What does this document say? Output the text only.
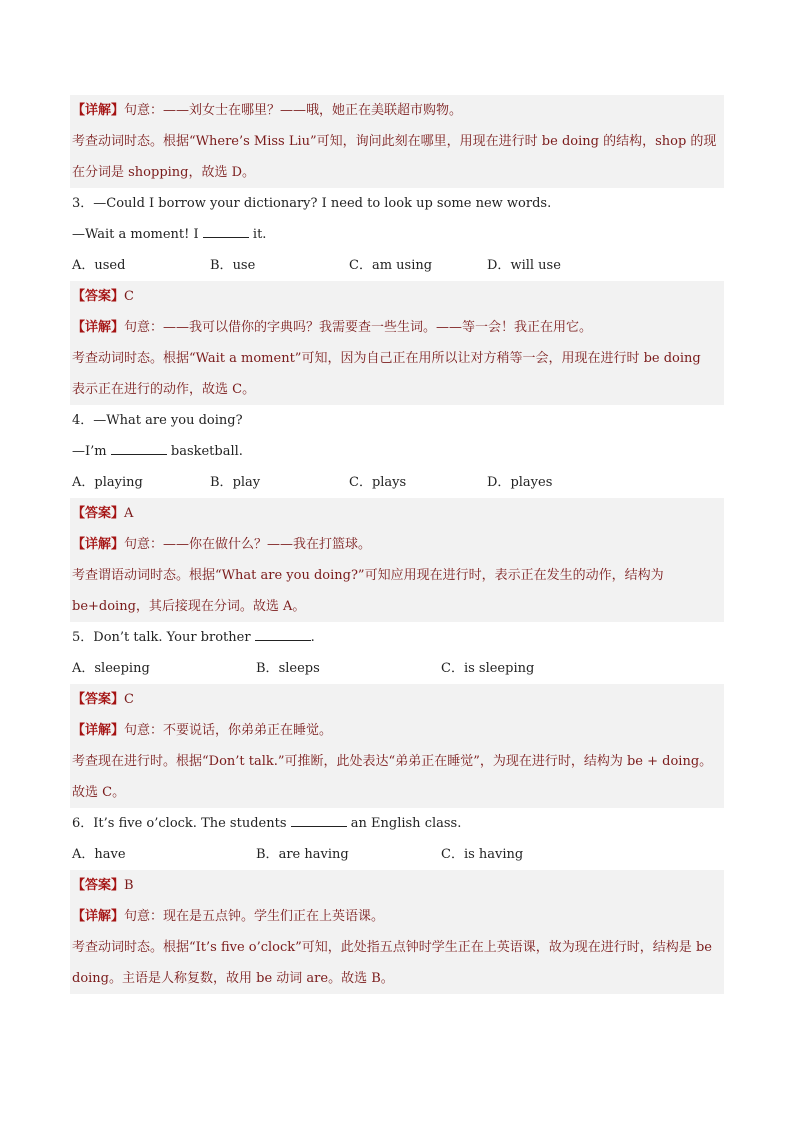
【详解】句意：——刘女士在哪里？——哦，她正在美联超市购物。
考查动词时态。根据“Where’s Miss Liu”可知，询问此刻在哪里，用现在进行时 be doing 的结构，shop 的现
在分词是 shopping，故选 D。
3．—Could I borrow your dictionary? I need to look up some new words.
—Wait a moment! I	it.
A．used	B．use	C．am using	D．will use
【答案】C
【详解】句意：——我可以借你的字典吗？我需要查一些生词。——等一会！我正在用它。
考查动词时态。根据“Wait a moment”可知，因为自己正在用所以让对方稍等一会，用现在进行时 be doing
表示正在进行的动作，故选 C。
4．—What are you doing?
—I’m	basketball.
A．playing	B．play	C．plays	D．playes
【答案】A
【详解】句意：——你在做什么？——我在打篮球。
考查谓语动词时态。根据“What are you doing?”可知应用现在进行时，表示正在发生的动作，结构为
be+doing，其后接现在分词。故选 A。
5．Don’t talk. Your brother	.
A．sleeping	B．sleeps	C．is sleeping
【答案】C
【详解】句意：不要说话，你弟弟正在睡觉。
考查现在进行时。根据“Don’t talk.”可推断，此处表达“弟弟正在睡觉”，为现在进行时，结构为 be + doing。
故选 C。
6．It’s five o’clock. The students	an English class.
A．have	B．are having	C．is having
【答案】B
【详解】句意：现在是五点钟。学生们正在上英语课。
考查动词时态。根据“It’s five o’clock”可知，此处指五点钟时学生正在上英语课，故为现在进行时，结构是 be
doing。主语是人称复数，故用 be 动词 are。故选 B。
